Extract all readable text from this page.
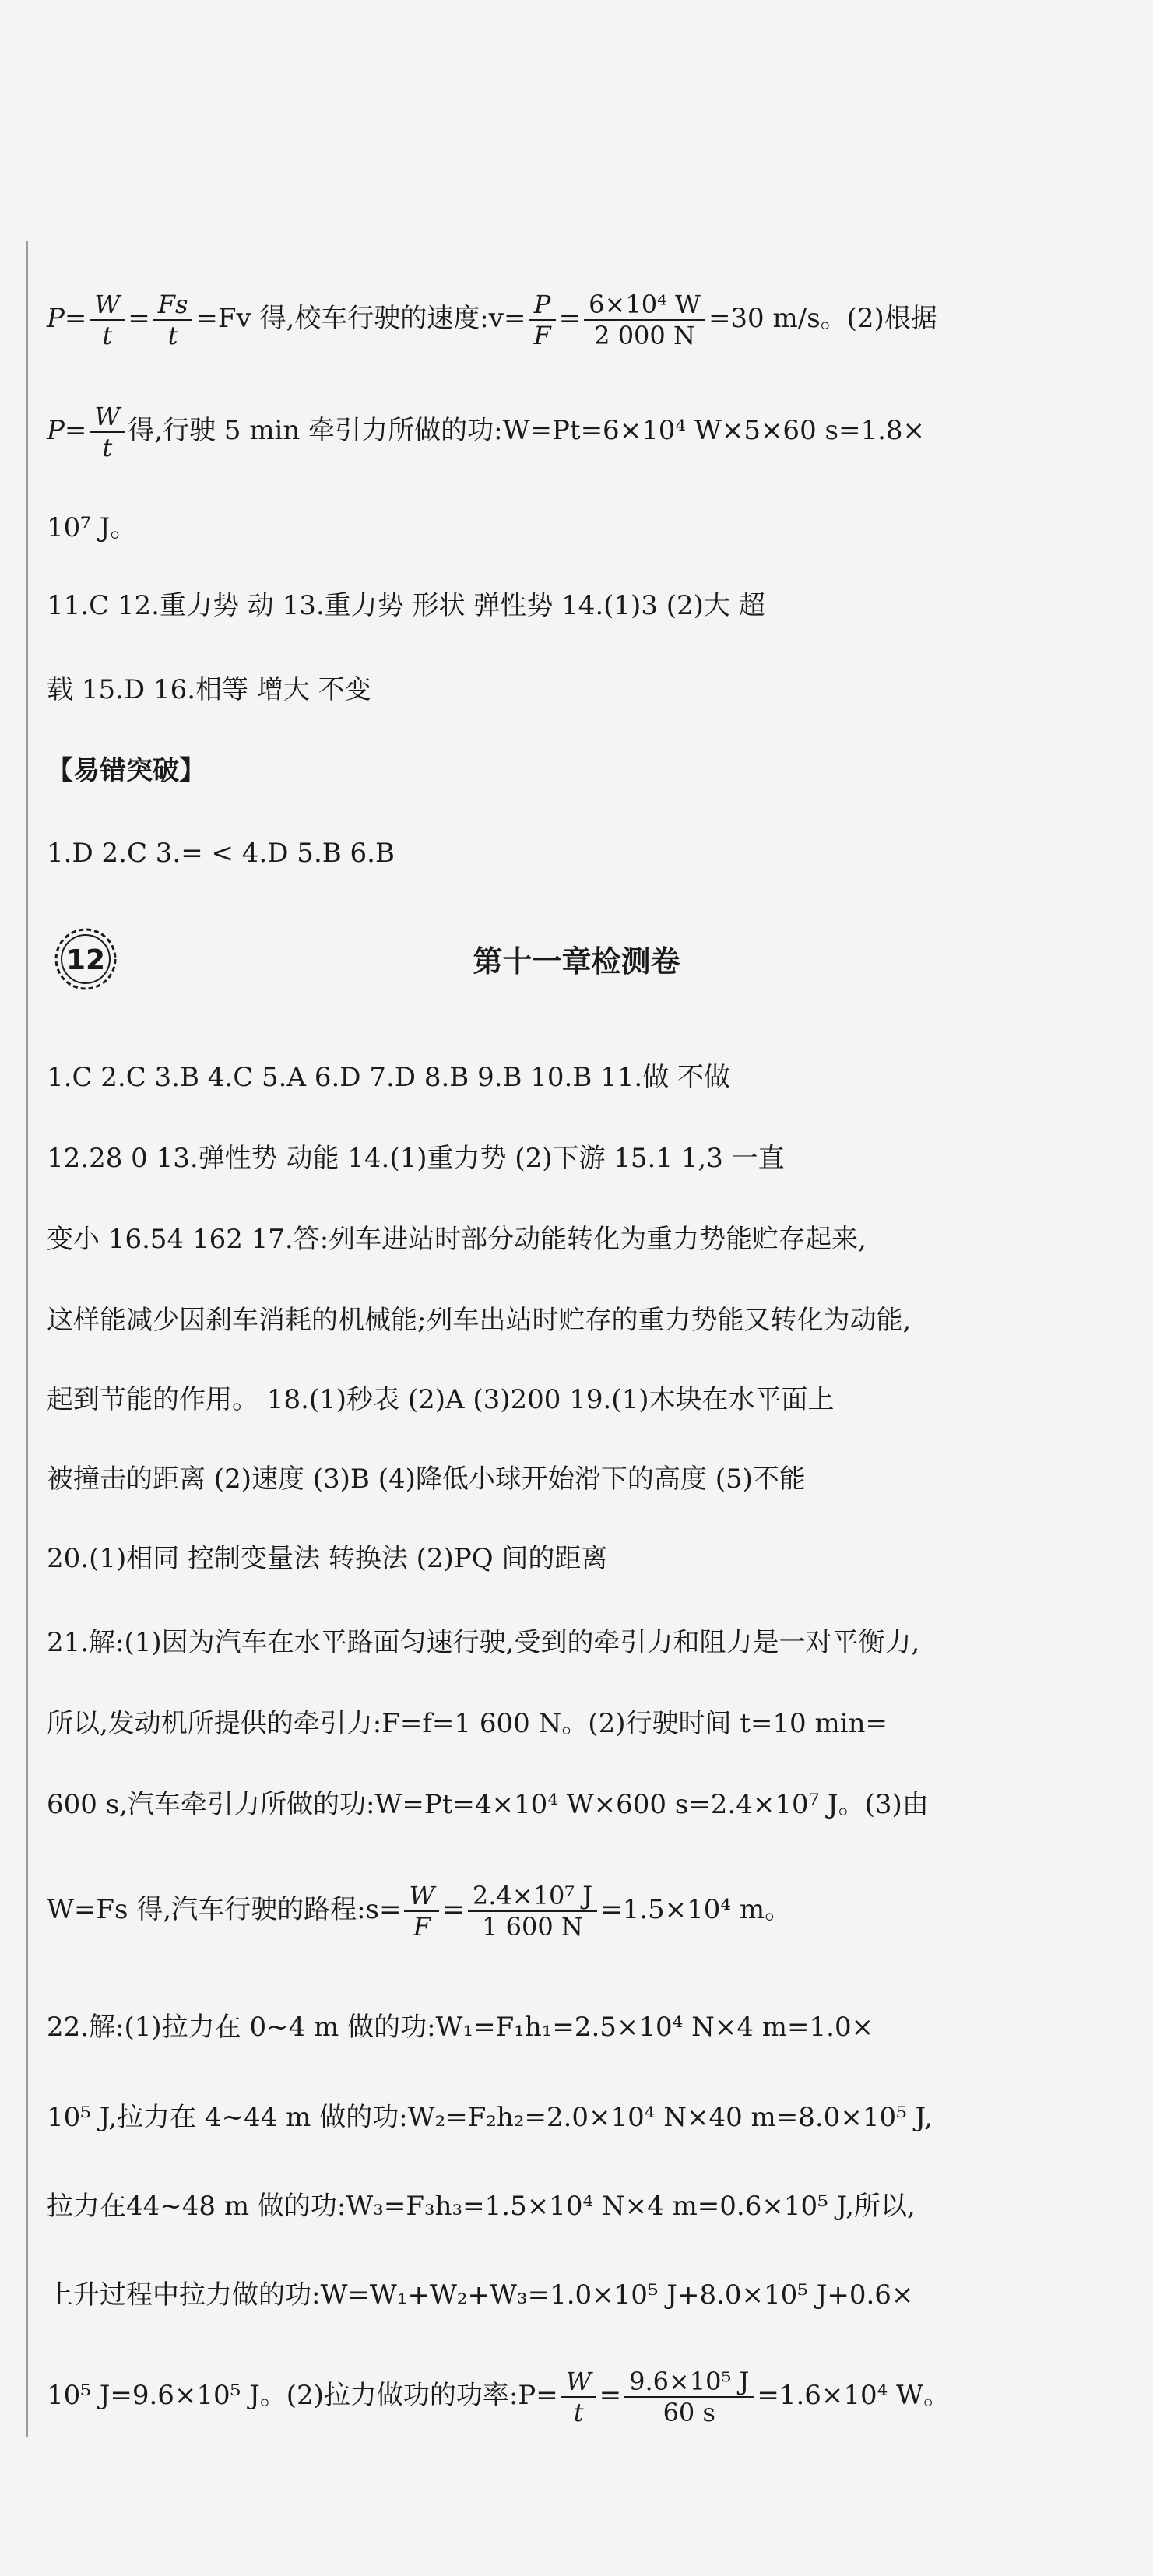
$P= \frac{W}{t} = \frac{Fs}{t} =Fv$ 得,校车行驶的速度:v= $\frac{P}{F} = \frac{\text{6×10⁴ W}}{2 000 N} =30$ m/s。(2)根据
$P= \frac{W}{t}$ 得,行驶 5 min 牵引力所做的功:W=Pt=6×10⁴ W×5×60 s=1.8×
10⁷ J。
11.C 12.重力势 动 13.重力势 形状 弹性势 14.(1)3 (2)大 超
载 15.D 16.相等 增大 不变
【易错突破】
1.D 2.C 3.= < 4.D 5.B 6.B
12	第十一章检测卷
1.C 2.C 3.B 4.C 5.A 6.D 7.D 8.B 9.B 10.B 11.做 不做
12.28 0 13.弹性势 动能 14.(1)重力势 (2)下游 15.1 1,3 一直
变小 16.54 162 17.答:列车进站时部分动能转化为重力势能贮存起来,
这样能减少因刹车消耗的机械能;列车出站时贮存的重力势能又转化为动能,
起到节能的作用。 18.(1)秒表 (2)A (3)200 19.(1)木块在水平面上
被撞击的距离 (2)速度 (3)B (4)降低小球开始滑下的高度 (5)不能
20.(1)相同 控制变量法 转换法 (2)PQ 间的距离
21.解:(1)因为汽车在水平路面匀速行驶,受到的牵引力和阻力是一对平衡力,
所以,发动机所提供的牵引力:F=f=1 600 N。(2)行驶时间 t=10 min=
600 s,汽车牵引力所做的功:W=Pt=4×10⁴ W×600 s=2.4×10⁷ J。(3)由
W=Fs 得,汽车行驶的路程:s= $\frac{W}{F} = \frac{\text{2.4×10⁷ J}}{1 600 N} =1.5\times 10^4$ m。
22.解:(1)拉力在 0~4 m 做的功:W₁=F₁h₁=2.5×10⁴ N×4 m=1.0×
10⁵ J,拉力在 4~44 m 做的功:W₂=F₂h₂=2.0×10⁴ N×40 m=8.0×10⁵ J,
拉力在44~48 m 做的功:W₃=F₃h₃=1.5×10⁴ N×4 m=0.6×10⁵ J,所以,
上升过程中拉力做的功:W=W₁+W₂+W₃=1.0×10⁵ J+8.0×10⁵ J+0.6×
10⁵ J=9.6×10⁵ J。(2)拉力做功的功率:P= $\frac{W}{t} = \frac{\text{9.6×10⁵ J}}{60 s} =1.6\times 10^4$ W。
